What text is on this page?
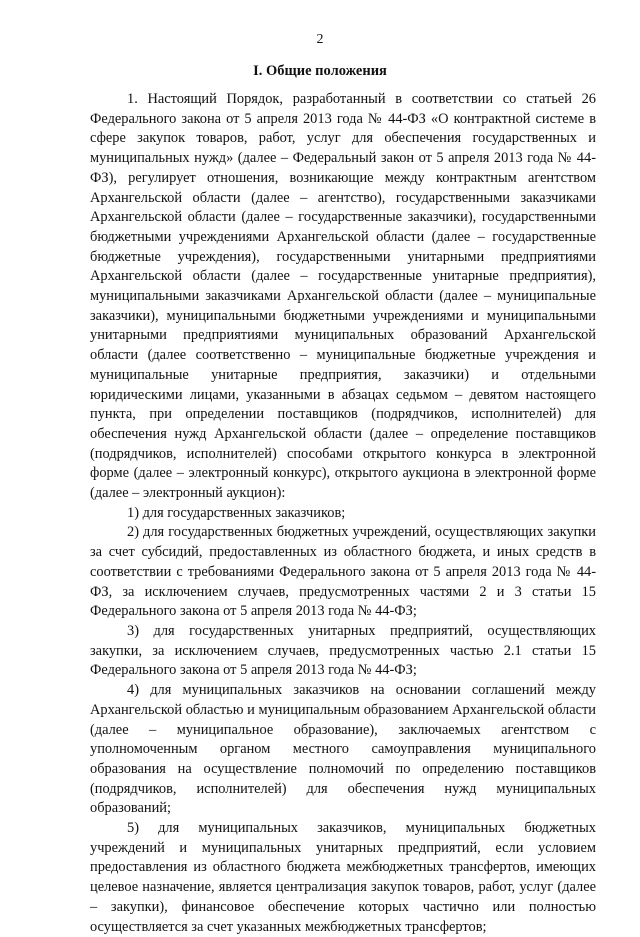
2
I. Общие положения

1. Настоящий Порядок, разработанный в соответствии со статьей 26 Федерального закона от 5 апреля 2013 года № 44-ФЗ «О контрактной системе в сфере закупок товаров, работ, услуг для обеспечения государственных и муниципальных нужд» (далее – Федеральный закон от 5 апреля 2013 года № 44-ФЗ), регулирует отношения, возникающие между контрактным агентством Архангельской области (далее – агентство), государственными заказчиками Архангельской области (далее – государственные заказчики), государственными бюджетными учреждениями Архангельской области (далее – государственные бюджетные учреждения), государственными унитарными предприятиями Архангельской области (далее – государственные унитарные предприятия), муниципальными заказчиками Архангельской области (далее – муниципальные заказчики), муниципальными бюджетными учреждениями и муниципальными унитарными предприятиями муниципальных образований Архангельской области (далее соответственно – муниципальные бюджетные учреждения и муниципальные унитарные предприятия, заказчики) и отдельными юридическими лицами, указанными в абзацах седьмом – девятом настоящего пункта, при определении поставщиков (подрядчиков, исполнителей) для обеспечения нужд Архангельской области (далее – определение поставщиков (подрядчиков, исполнителей) способами открытого конкурса в электронной форме (далее – электронный конкурс), открытого аукциона в электронной форме (далее – электронный аукцион):

1) для государственных заказчиков;

2) для государственных бюджетных учреждений, осуществляющих закупки за счет субсидий, предоставленных из областного бюджета, и иных средств в соответствии с требованиями Федерального закона от 5 апреля 2013 года № 44-ФЗ, за исключением случаев, предусмотренных частями 2 и 3 статьи 15 Федерального закона от 5 апреля 2013 года № 44-ФЗ;

3) для государственных унитарных предприятий, осуществляющих закупки, за исключением случаев, предусмотренных частью 2.1 статьи 15 Федерального закона от 5 апреля 2013 года № 44-ФЗ;

4) для муниципальных заказчиков на основании соглашений между Архангельской областью и муниципальным образованием Архангельской области (далее – муниципальное образование), заключаемых агентством с уполномоченным органом местного самоуправления муниципального образования на осуществление полномочий по определению поставщиков (подрядчиков, исполнителей) для обеспечения нужд муниципальных образований;

5) для муниципальных заказчиков, муниципальных бюджетных учреждений и муниципальных унитарных предприятий, если условием предоставления из областного бюджета межбюджетных трансфертов, имеющих целевое назначение, является централизация закупок товаров, работ, услуг (далее – закупки), финансовое обеспечение которых частично или полностью осуществляется за счет указанных межбюджетных трансфертов;
